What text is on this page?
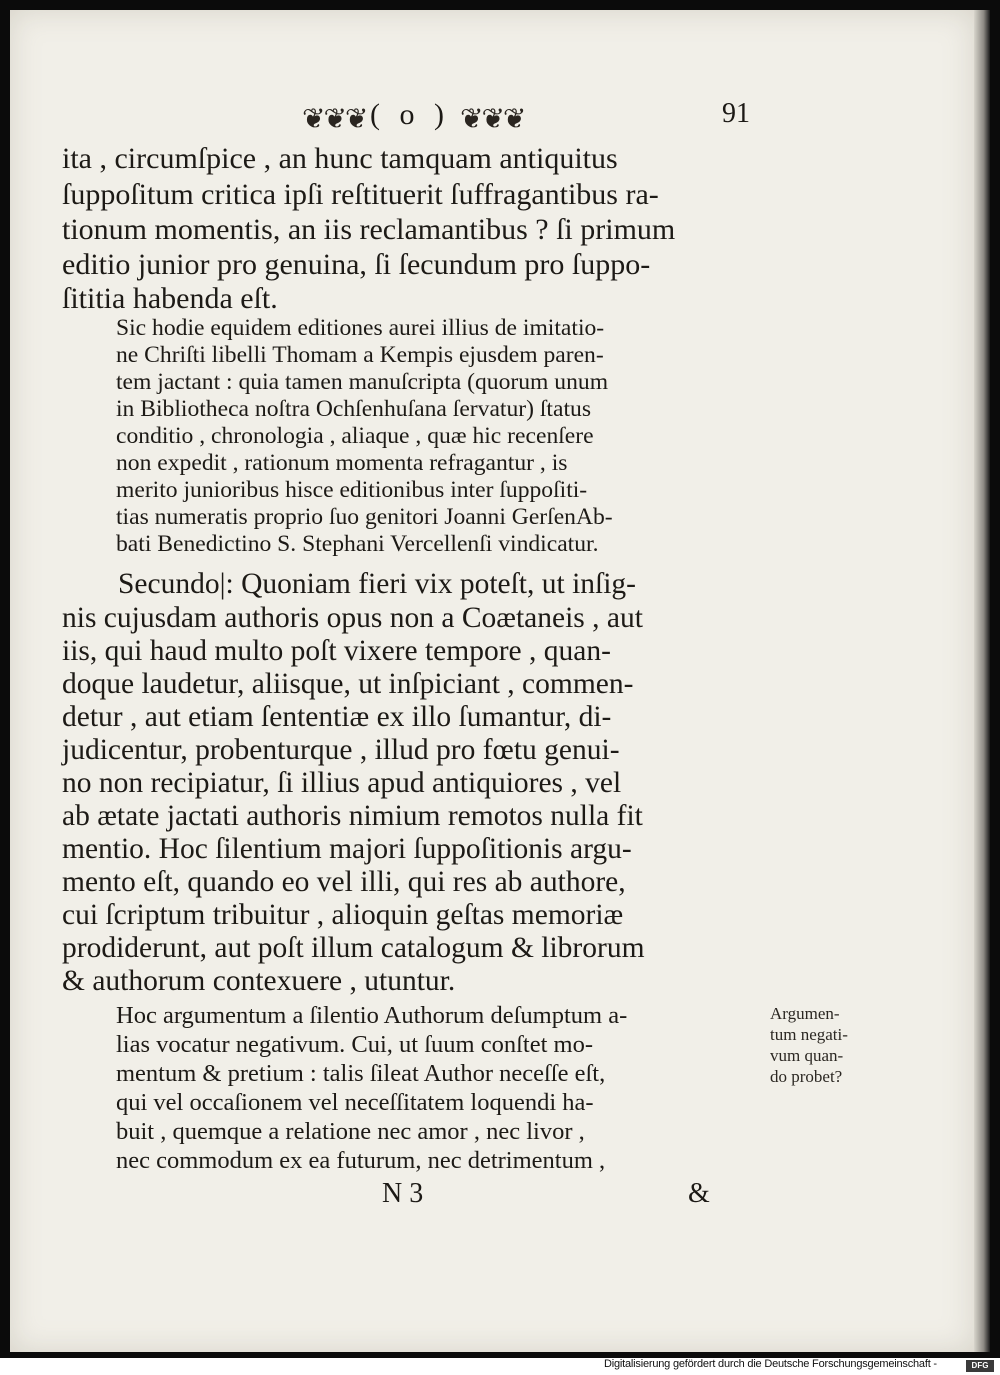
❦❦❦ ( o ) ❦❦❦	91
ita , circumſpice , an hunc tamquam antiquitus
ſuppoſitum critica ipſi reſtituerit ſuffragantibus ra-
tionum momentis, an iis reclamantibus ? ſi primum
editio junior pro genuina, ſi ſecundum pro ſuppo-
ſititia habenda eſt.
Sic hodie equidem editiones aurei illius de imitatio-
ne Chriſti libelli Thomam a Kempis ejusdem paren-
tem jactant : quia tamen manuſcripta (quorum unum
in Bibliotheca noſtra Ochſenhuſana ſervatur) ſtatus
conditio , chronologia , aliaque , quæ hic recenſere
non expedit , rationum momenta refragantur , is
merito junioribus hisce editionibus inter ſuppoſiti-
tias numeratis proprio ſuo genitori Joanni GerſenAb-
bati Benedictino S. Stephani Vercellenſi vindicatur.
Secundo|: Quoniam fieri vix poteſt, ut inſig-
nis cujusdam authoris opus non a Coætaneis , aut
iis, qui haud multo poſt vixere tempore , quan-
doque laudetur, aliisque, ut inſpiciant , commen-
detur , aut etiam ſententiæ ex illo ſumantur, di-
judicentur, probenturque , illud pro fœtu genui-
no non recipiatur, ſi illius apud antiquiores , vel
ab ætate jactati authoris nimium remotos nulla fit
mentio. Hoc ſilentium majori ſuppoſitionis argu-
mento eſt, quando eo vel illi, qui res ab authore,
cui ſcriptum tribuitur , alioquin geſtas memoriæ
prodiderunt, aut poſt illum catalogum & librorum
& authorum contexuere , utuntur.
Hoc argumentum a ſilentio Authorum deſumptum a-
lias vocatur negativum. Cui, ut ſuum conſtet mo-
mentum & pretium : talis ſileat Author neceſſe eſt,
qui vel occaſionem vel neceſſitatem loquendi ha-
buit , quemque a relatione nec amor , nec livor ,
nec commodum ex ea futurum, nec detrimentum ,
Argumen-
tum negati-
vum quan-
do probet?
N 3	&
Digitalisierung gefördert durch die Deutsche Forschungsgemeinschaft -	DFG
